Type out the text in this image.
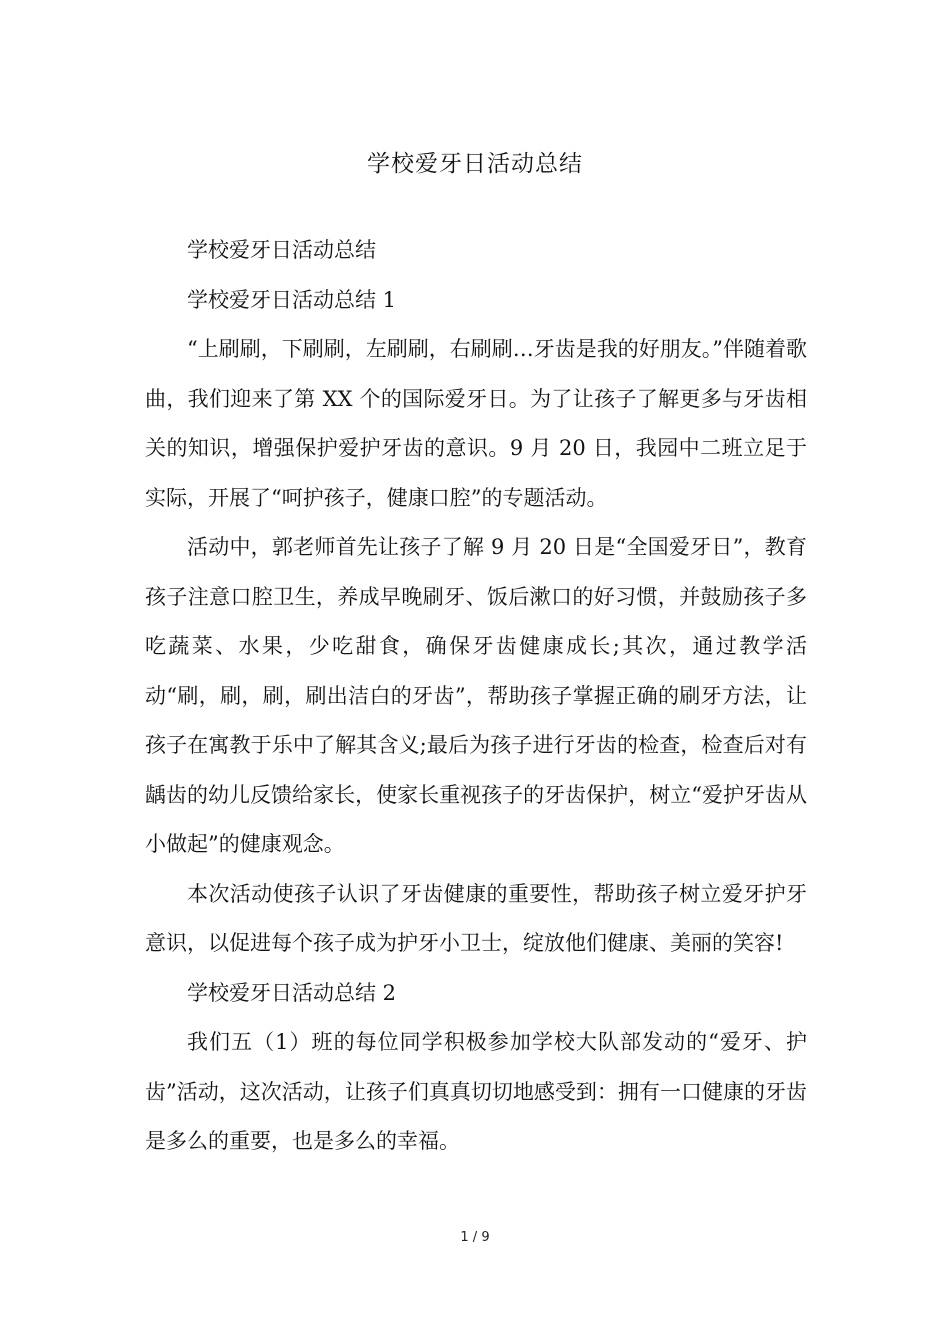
学校爱牙日活动总结

学校爱牙日活动总结

学校爱牙日活动总结 1

“上刷刷，下刷刷，左刷刷，右刷刷…牙齿是我的好朋友。”伴随着歌曲，我们迎来了第 XX 个的国际爱牙日。为了让孩子了解更多与牙齿相关的知识，增强保护爱护牙齿的意识。9 月 20 日，我园中二班立足于实际，开展了“呵护孩子，健康口腔”的专题活动。

活动中，郭老师首先让孩子了解 9 月 20 日是“全国爱牙日”，教育孩子注意口腔卫生，养成早晚刷牙、饭后漱口的好习惯，并鼓励孩子多吃蔬菜、水果，少吃甜食，确保牙齿健康成长;其次，通过教学活动“刷，刷，刷，刷出洁白的牙齿”，帮助孩子掌握正确的刷牙方法，让孩子在寓教于乐中了解其含义;最后为孩子进行牙齿的检查，检查后对有龋齿的幼儿反馈给家长，使家长重视孩子的牙齿保护，树立“爱护牙齿从小做起”的健康观念。

本次活动使孩子认识了牙齿健康的重要性，帮助孩子树立爱牙护牙意识，以促进每个孩子成为护牙小卫士，绽放他们健康、美丽的笑容!

学校爱牙日活动总结 2

我们五（1）班的每位同学积极参加学校大队部发动的“爱牙、护齿”活动，这次活动，让孩子们真真切切地感受到：拥有一口健康的牙齿是多么的重要，也是多么的幸福。

1 / 9
